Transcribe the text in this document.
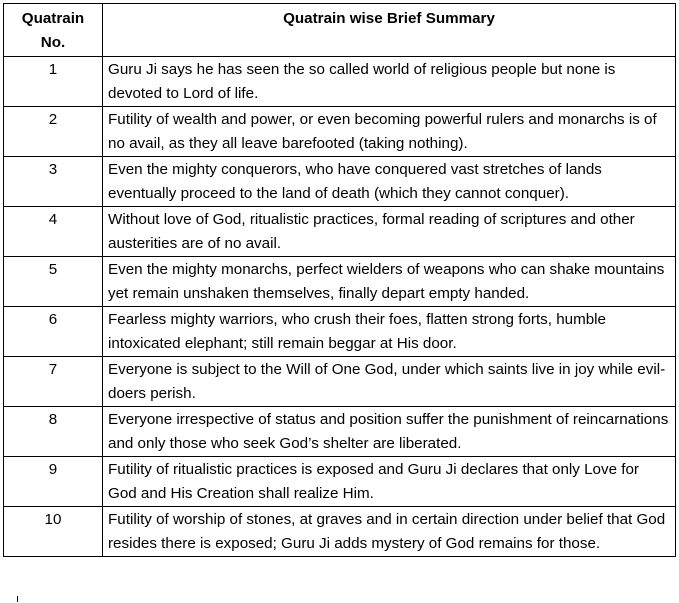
Quatrain No.	Quatrain wise Brief Summary
1	Guru Ji says he has seen the so called world of religious people but none is devoted to Lord of life.
2	Futility of wealth and power, or even becoming powerful rulers and monarchs is of no avail, as they all leave barefooted (taking nothing).
3	Even the mighty conquerors, who have conquered vast stretches of lands eventually proceed to the land of death (which they cannot conquer).
4	Without love of God, ritualistic practices, formal reading of scriptures and other austerities are of no avail.
5	Even the mighty monarchs, perfect wielders of weapons who can shake mountains yet remain unshaken themselves, finally depart empty handed.
6	Fearless mighty warriors, who crush their foes, flatten strong forts, humble intoxicated elephant; still remain beggar at His door.
7	Everyone is subject to the Will of One God, under which saints live in joy while evil-doers perish.
8	Everyone irrespective of status and position suffer the punishment of reincarnations and only those who seek God’s shelter are liberated.
9	Futility of ritualistic practices is exposed and Guru Ji declares that only Love for God and His Creation shall realize Him.
10	Futility of worship of stones, at graves and in certain direction under belief that God resides there is exposed; Guru Ji adds mystery of God remains for those.
